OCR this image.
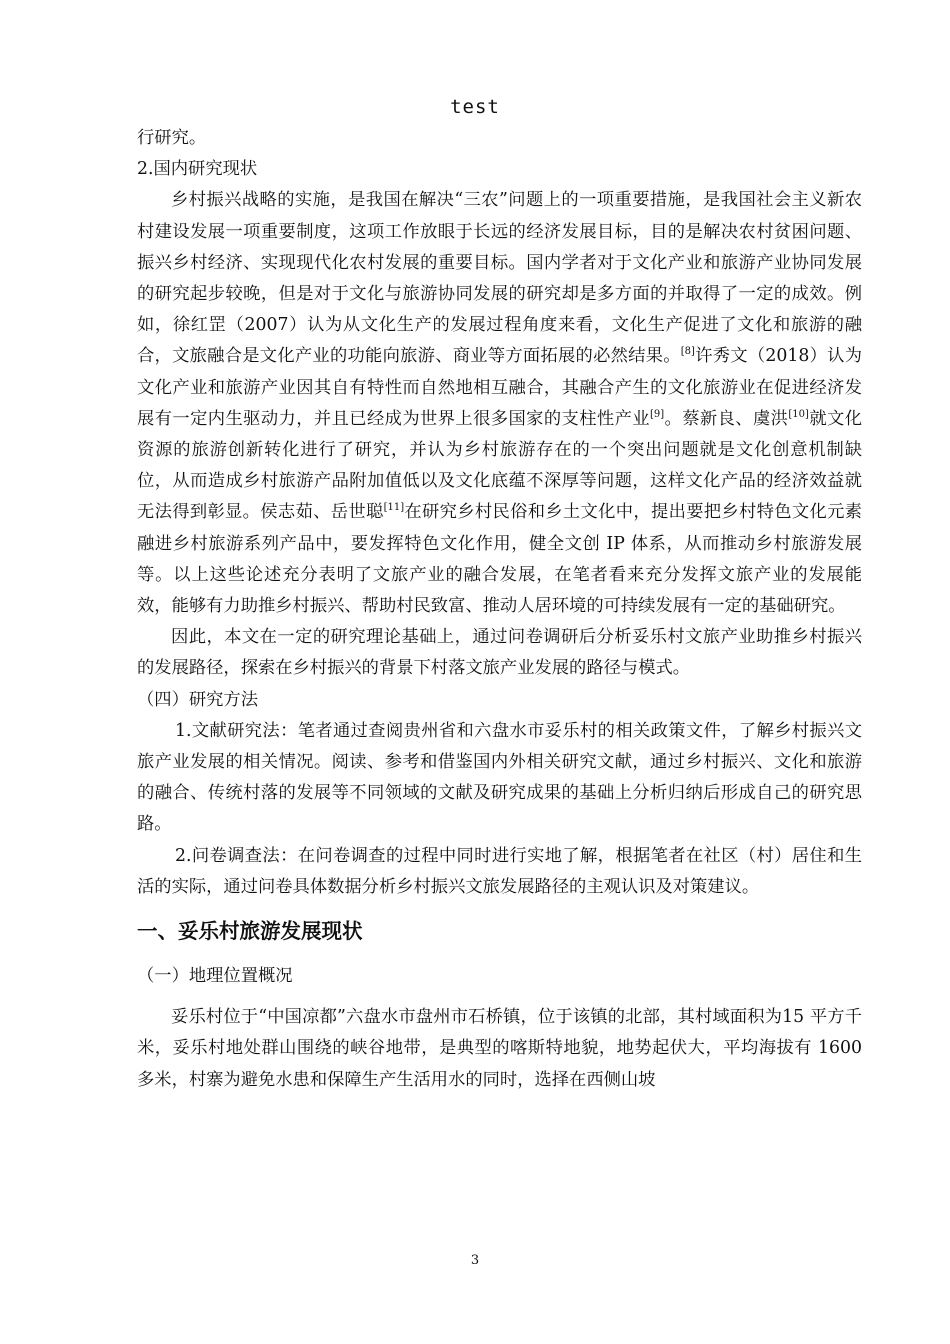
test

行研究。

2.国内研究现状

乡村振兴战略的实施，是我国在解决“三农”问题上的一项重要措施，是我国社会主义新农村建设发展一项重要制度，这项工作放眼于长远的经济发展目标，目的是解决农村贫困问题、振兴乡村经济、实现现代化农村发展的重要目标。国内学者对于文化产业和旅游产业协同发展的研究起步较晚，但是对于文化与旅游协同发展的研究却是多方面的并取得了一定的成效。例如，徐红罡（2007）认为从文化生产的发展过程角度来看，文化生产促进了文化和旅游的融合，文旅融合是文化产业的功能向旅游、商业等方面拓展的必然结果。[8]许秀文（2018）认为文化产业和旅游产业因其自有特性而自然地相互融合，其融合产生的文化旅游业在促进经济发展有一定内生驱动力，并且已经成为世界上很多国家的支柱性产业[9]。蔡新良、虞洪[10]就文化资源的旅游创新转化进行了研究，并认为乡村旅游存在的一个突出问题就是文化创意机制缺位，从而造成乡村旅游产品附加值低以及文化底蕴不深厚等问题，这样文化产品的经济效益就无法得到彰显。侯志茹、岳世聪[11]在研究乡村民俗和乡土文化中，提出要把乡村特色文化元素融进乡村旅游系列产品中，要发挥特色文化作用，健全文创 IP 体系，从而推动乡村旅游发展等。以上这些论述充分表明了文旅产业的融合发展，在笔者看来充分发挥文旅产业的发展能效，能够有力助推乡村振兴、帮助村民致富、推动人居环境的可持续发展有一定的基础研究。

因此，本文在一定的研究理论基础上，通过问卷调研后分析妥乐村文旅产业助推乡村振兴的发展路径，探索在乡村振兴的背景下村落文旅产业发展的路径与模式。

（四）研究方法

1.文献研究法：笔者通过查阅贵州省和六盘水市妥乐村的相关政策文件，了解乡村振兴文旅产业发展的相关情况。阅读、参考和借鉴国内外相关研究文献，通过乡村振兴、文化和旅游的融合、传统村落的发展等不同领域的文献及研究成果的基础上分析归纳后形成自己的研究思路。

2.问卷调查法：在问卷调查的过程中同时进行实地了解，根据笔者在社区（村）居住和生活的实际，通过问卷具体数据分析乡村振兴文旅发展路径的主观认识及对策建议。

一、妥乐村旅游发展现状

（一）地理位置概况

妥乐村位于“中国凉都”六盘水市盘州市石桥镇，位于该镇的北部，其村域面积为15 平方千米，妥乐村地处群山围绕的峡谷地带，是典型的喀斯特地貌，地势起伏大，平均海拔有 1600 多米，村寨为避免水患和保障生产生活用水的同时，选择在西侧山坡

3
